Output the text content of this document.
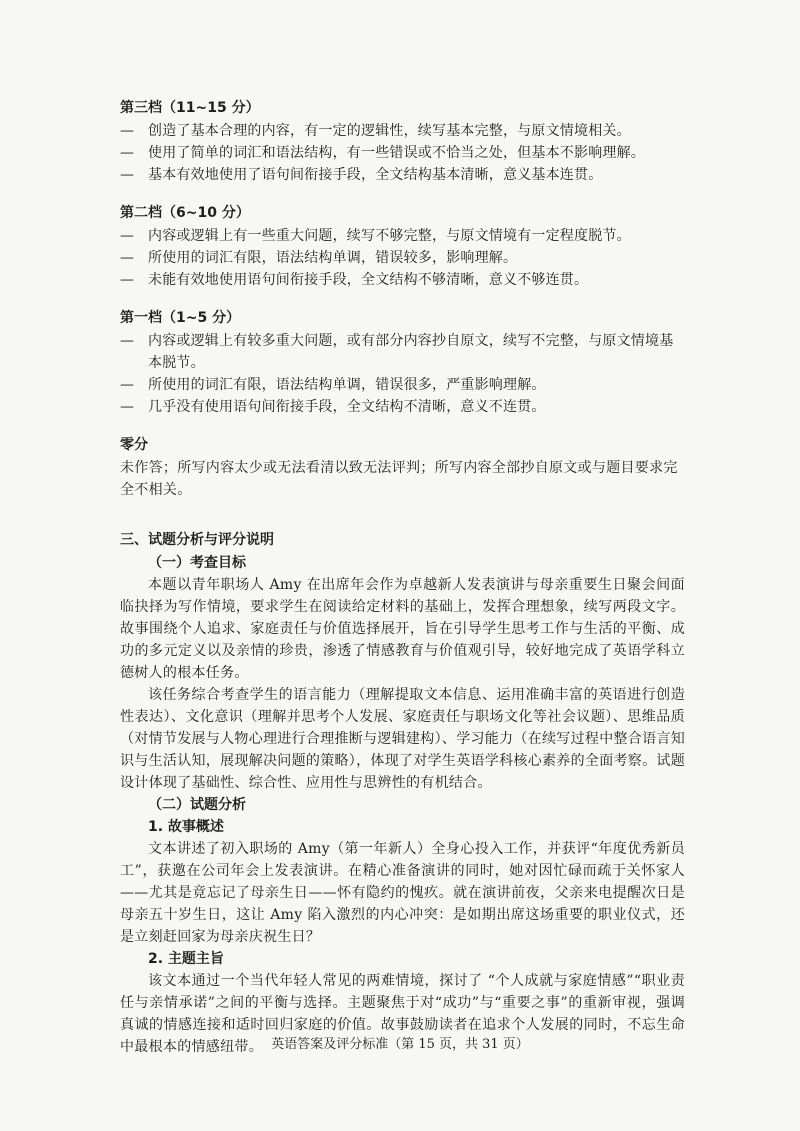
第三档（11~15 分）
— 创造了基本合理的内容，有一定的逻辑性，续写基本完整，与原文情境相关。
— 使用了简单的词汇和语法结构，有一些错误或不恰当之处，但基本不影响理解。
— 基本有效地使用了语句间衔接手段，全文结构基本清晰，意义基本连贯。
第二档（6~10 分）
— 内容或逻辑上有一些重大问题，续写不够完整，与原文情境有一定程度脱节。
— 所使用的词汇有限，语法结构单调，错误较多，影响理解。
— 未能有效地使用语句间衔接手段，全文结构不够清晰，意义不够连贯。
第一档（1~5 分）
— 内容或逻辑上有较多重大问题，或有部分内容抄自原文，续写不完整，与原文情境基本脱节。
— 所使用的词汇有限，语法结构单调，错误很多，严重影响理解。
— 几乎没有使用语句间衔接手段，全文结构不清晰，意义不连贯。
零分

未作答；所写内容太少或无法看清以致无法评判；所写内容全部抄自原文或与题目要求完全不相关。

三、试题分析与评分说明
（一）考查目标

本题以青年职场人 Amy 在出席年会作为卓越新人发表演讲与母亲重要生日聚会间面临抉择为写作情境，要求学生在阅读给定材料的基础上，发挥合理想象，续写两段文字。故事围绕个人追求、家庭责任与价值选择展开，旨在引导学生思考工作与生活的平衡、成功的多元定义以及亲情的珍贵，渗透了情感教育与价值观引导，较好地完成了英语学科立德树人的根本任务。

该任务综合考查学生的语言能力（理解提取文本信息、运用准确丰富的英语进行创造性表达）、文化意识（理解并思考个人发展、家庭责任与职场文化等社会议题）、思维品质（对情节发展与人物心理进行合理推断与逻辑建构）、学习能力（在续写过程中整合语言知识与生活认知，展现解决问题的策略），体现了对学生英语学科核心素养的全面考察。试题设计体现了基础性、综合性、应用性与思辨性的有机结合。

（二）试题分析
1. 故事概述

文本讲述了初入职场的 Amy（第一年新人）全身心投入工作，并获评“年度优秀新员工”，获邀在公司年会上发表演讲。在精心准备演讲的同时，她对因忙碌而疏于关怀家人——尤其是竟忘记了母亲生日——怀有隐约的愧疚。就在演讲前夜，父亲来电提醒次日是母亲五十岁生日，这让 Amy 陷入激烈的内心冲突：是如期出席这场重要的职业仪式，还是立刻赶回家为母亲庆祝生日？

2. 主题主旨

该文本通过一个当代年轻人常见的两难情境，探讨了 “个人成就与家庭情感”“职业责任与亲情承诺”之间的平衡与选择。主题聚焦于对“成功”与“重要之事”的重新审视，强调真诚的情感连接和适时回归家庭的价值。故事鼓励读者在追求个人发展的同时，不忘生命中最根本的情感纽带。 英语答案及评分标准（第 15 页，共 31 页）
